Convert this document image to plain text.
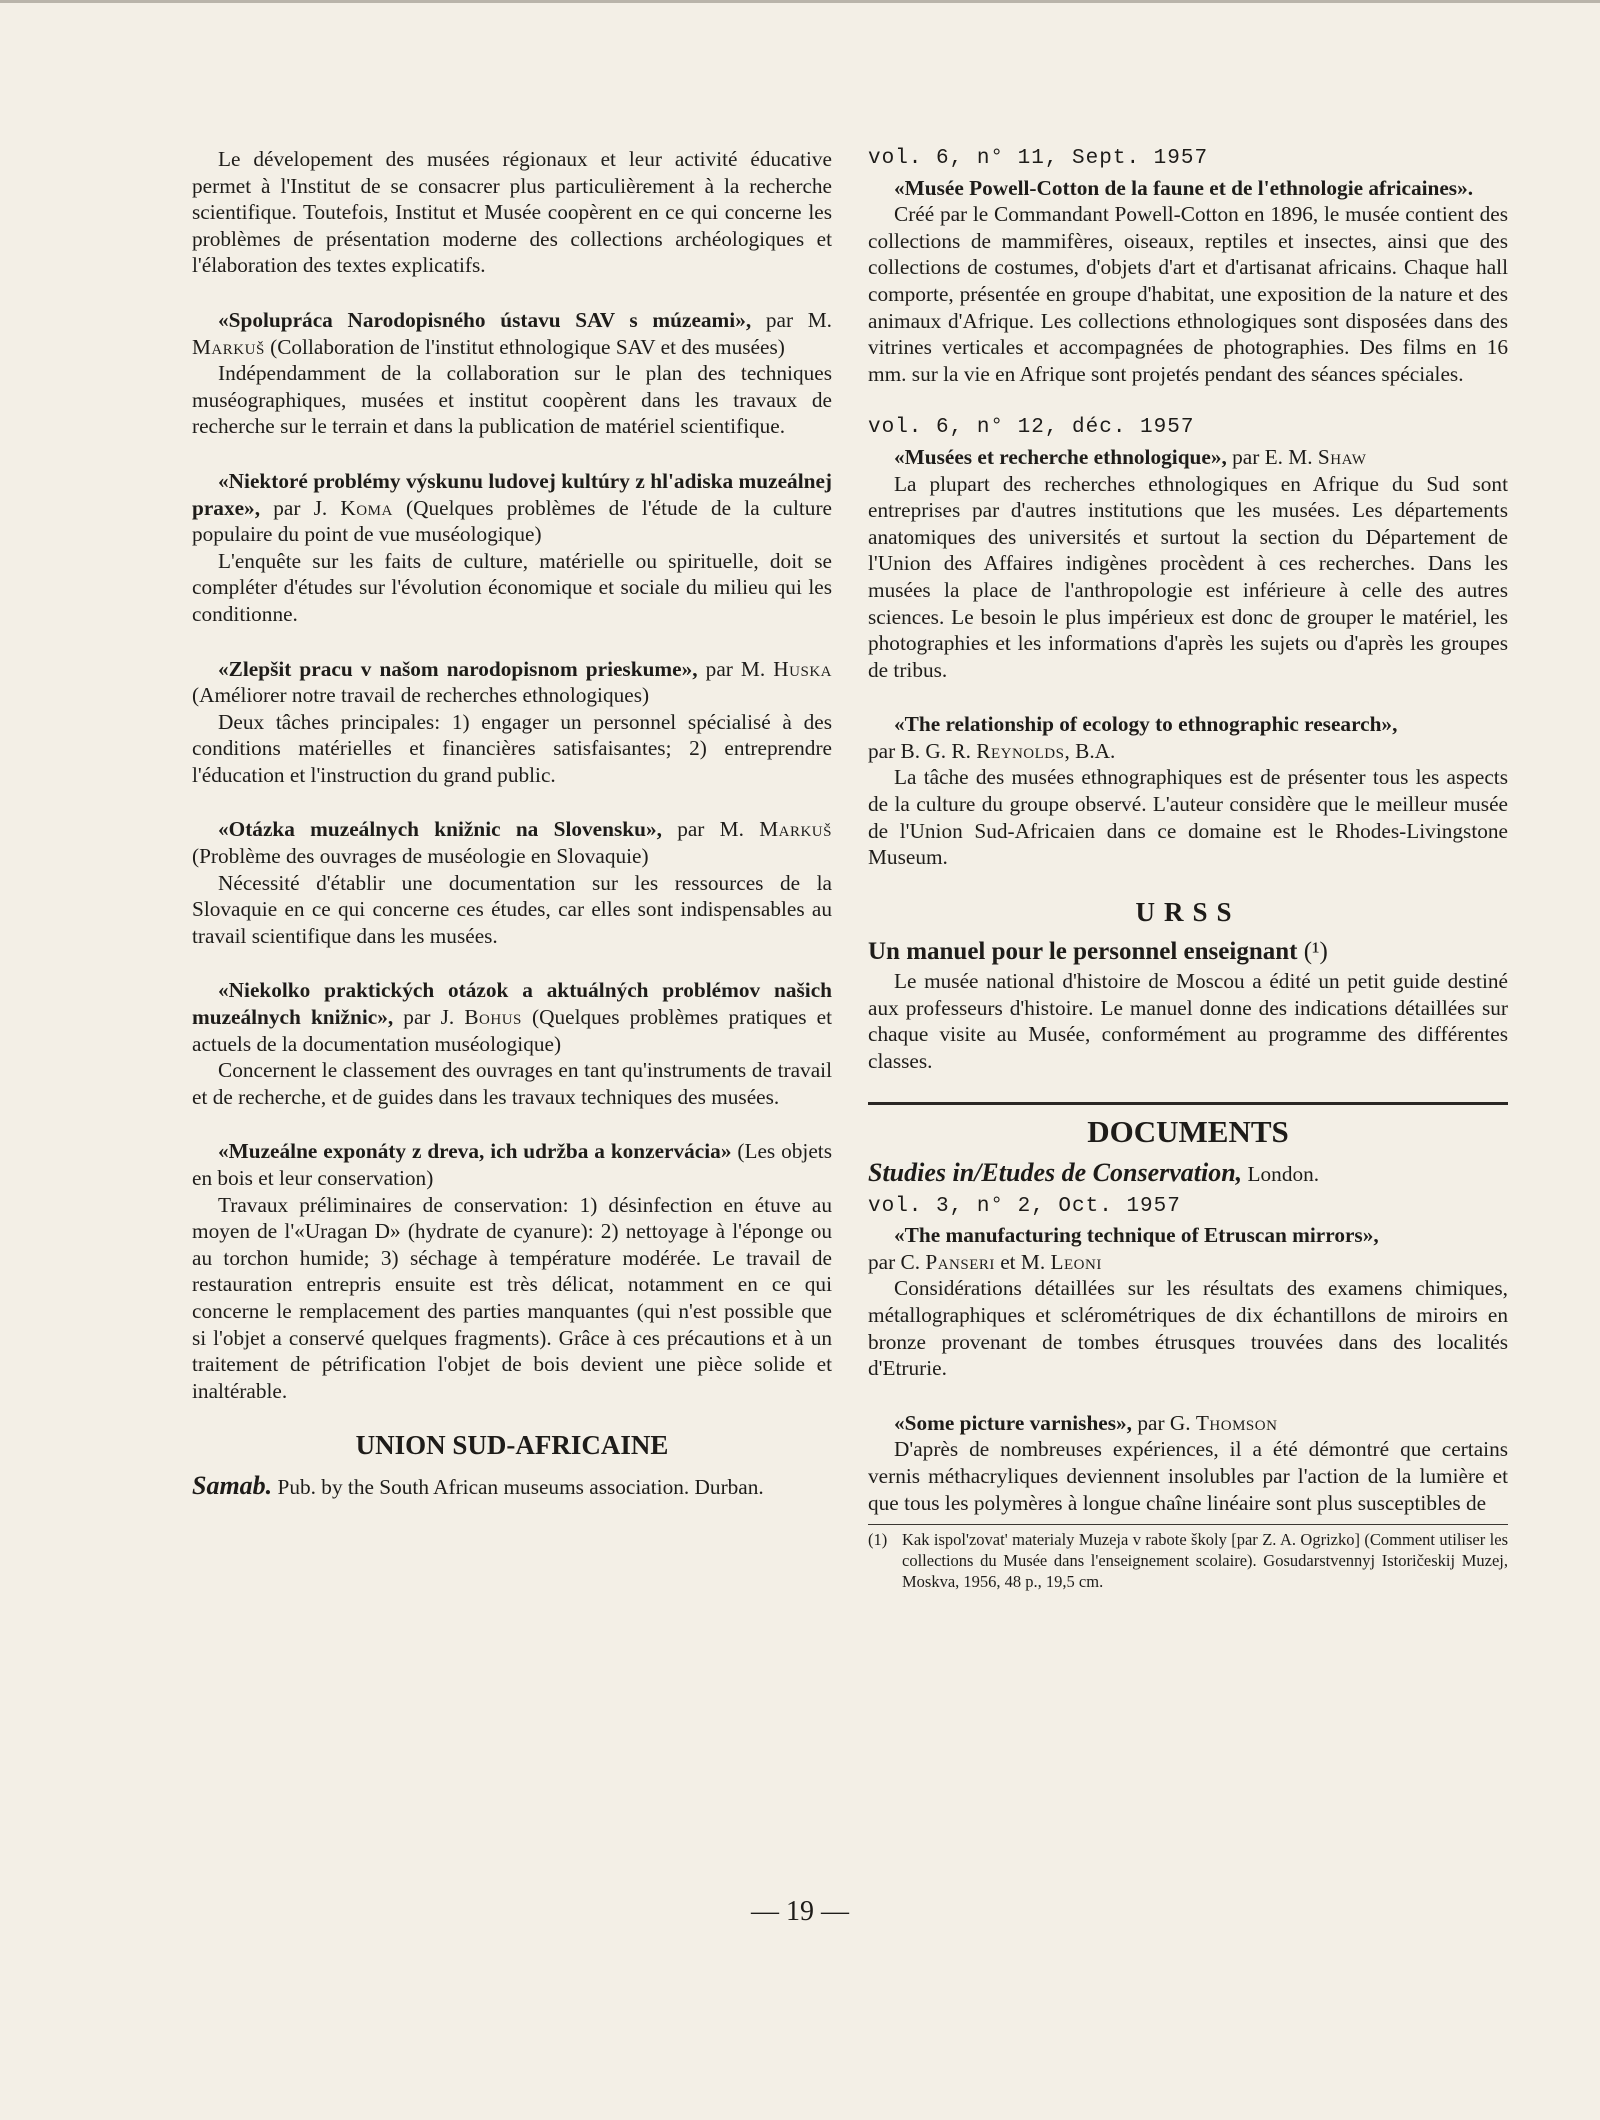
Le dévelopement des musées régionaux et leur activité éducative permet à l'Institut de se consacrer plus particulièrement à la recherche scientifique. Toutefois, Institut et Musée coopèrent en ce qui concerne les problèmes de présentation moderne des collections archéologiques et l'élaboration des textes explicatifs.

«Spolupráca Narodopisného ústavu SAV s múzeami», par M. Markuš (Collaboration de l'institut ethnologique SAV et des musées)

Indépendamment de la collaboration sur le plan des techniques muséographiques, musées et institut coopèrent dans les travaux de recherche sur le terrain et dans la publication de matériel scientifique.

«Niektoré problémy výskunu ludovej kultúry z hl'adiska muzeálnej praxe», par J. Koma (Quelques problèmes de l'étude de la culture populaire du point de vue muséologique)

L'enquête sur les faits de culture, matérielle ou spirituelle, doit se compléter d'études sur l'évolution économique et sociale du milieu qui les conditionne.

«Zlepšit pracu v našom narodopisnom prieskume», par M. Huska (Améliorer notre travail de recherches ethnologiques)

Deux tâches principales: 1) engager un personnel spécialisé à des conditions matérielles et financières satisfaisantes; 2) entreprendre l'éducation et l'instruction du grand public.

«Otázka muzeálnych knižnic na Slovensku», par M. Markuš (Problème des ouvrages de muséologie en Slovaquie)

Nécessité d'établir une documentation sur les ressources de la Slovaquie en ce qui concerne ces études, car elles sont indispensables au travail scientifique dans les musées.

«Niekolko praktických otázok a aktuálných problémov našich muzeálnych knižnic», par J. Bohus (Quelques problèmes pratiques et actuels de la documentation muséologique)

Concernent le classement des ouvrages en tant qu'instruments de travail et de recherche, et de guides dans les travaux techniques des musées.

«Muzeálne exponáty z dreva, ich udržba a konzervácia» (Les objets en bois et leur conservation)

Travaux préliminaires de conservation: 1) désinfection en étuve au moyen de l'«Uragan D» (hydrate de cyanure): 2) nettoyage à l'éponge ou au torchon humide; 3) séchage à température modérée. Le travail de restauration entrepris ensuite est très délicat, notamment en ce qui concerne le remplacement des parties manquantes (qui n'est possible que si l'objet a conservé quelques fragments). Grâce à ces précautions et à un traitement de pétrification l'objet de bois devient une pièce solide et inaltérable.

UNION SUD-AFRICAINE

Samab. Pub. by the South African museums association. Durban.

vol. 6, n° 11, Sept. 1957

«Musée Powell-Cotton de la faune et de l'ethnologie africaines».

Créé par le Commandant Powell-Cotton en 1896, le musée contient des collections de mammifères, oiseaux, reptiles et insectes, ainsi que des collections de costumes, d'objets d'art et d'artisanat africains. Chaque hall comporte, présentée en groupe d'habitat, une exposition de la nature et des animaux d'Afrique. Les collections ethnologiques sont disposées dans des vitrines verticales et accompagnées de photographies. Des films en 16 mm. sur la vie en Afrique sont projetés pendant des séances spéciales.

vol. 6, n° 12, déc. 1957

«Musées et recherche ethnologique», par E. M. Shaw

La plupart des recherches ethnologiques en Afrique du Sud sont entreprises par d'autres institutions que les musées. Les départements anatomiques des universités et surtout la section du Département de l'Union des Affaires indigènes procèdent à ces recherches. Dans les musées la place de l'anthropologie est inférieure à celle des autres sciences. Le besoin le plus impérieux est donc de grouper le matériel, les photographies et les informations d'après les sujets ou d'après les groupes de tribus.

«The relationship of ecology to ethnographic research»,

par B. G. R. Reynolds, B.A.

La tâche des musées ethnographiques est de présenter tous les aspects de la culture du groupe observé. L'auteur considère que le meilleur musée de l'Union Sud-Africaien dans ce domaine est le Rhodes-Livingstone Museum.

URSS

Un manuel pour le personnel enseignant (¹)

Le musée national d'histoire de Moscou a édité un petit guide destiné aux professeurs d'histoire. Le manuel donne des indications détaillées sur chaque visite au Musée, conformément au programme des différentes classes.

DOCUMENTS

Studies in/Etudes de Conservation, London.

vol. 3, n° 2, Oct. 1957

«The manufacturing technique of Etruscan mirrors»,

par C. Panseri et M. Leoni

Considérations détaillées sur les résultats des examens chimiques, métallographiques et sclérométriques de dix échantillons de miroirs en bronze provenant de tombes étrusques trouvées dans des localités d'Etrurie.

«Some picture varnishes», par G. Thomson

D'après de nombreuses expériences, il a été démontré que certains vernis méthacryliques deviennent insolubles par l'action de la lumière et que tous les polymères à longue chaîne linéaire sont plus susceptibles de

(1) Kak ispol'zovat' materialy Muzeja v rabote školy [par Z. A. Ogrizko] (Comment utiliser les collections du Musée dans l'enseignement scolaire). Gosudarstvennyj Istoričeskij Muzej, Moskva, 1956, 48 p., 19,5 cm.

— 19 —
